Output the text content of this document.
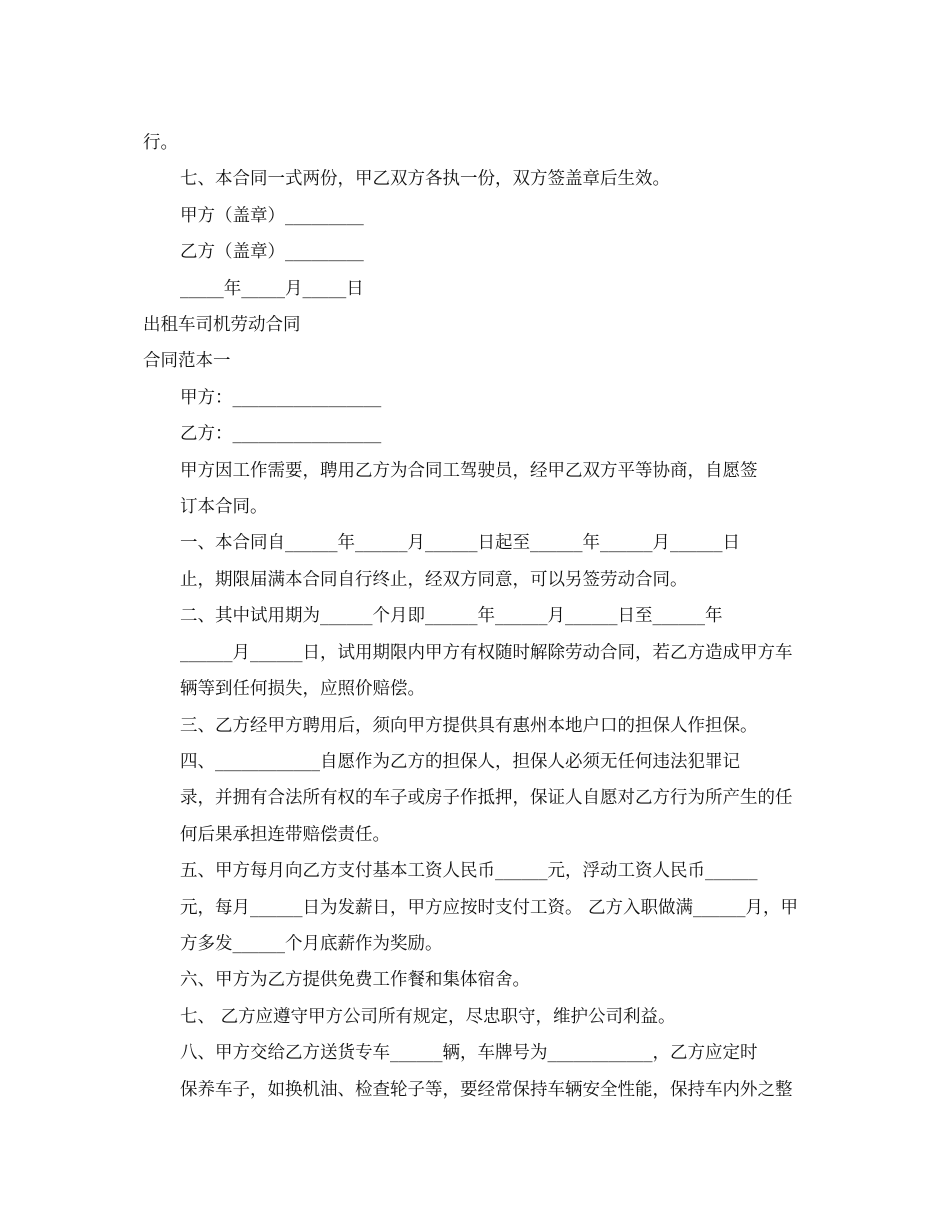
行。
七、本合同一式两份，甲乙双方各执一份，双方签盖章后生效。
甲方（盖章）_________
乙方（盖章）_________
_____年_____月_____日
出租车司机劳动合同
合同范本一
甲方：_________________
乙方：_________________
甲方因工作需要，聘用乙方为合同工驾驶员，经甲乙双方平等协商，自愿签
订本合同。
一、本合同自______年______月______日起至______年______月______日
止，期限届满本合同自行终止，经双方同意，可以另签劳动合同。
二、其中试用期为______个月即______年______月______日至______年
______月______日，试用期限内甲方有权随时解除劳动合同，若乙方造成甲方车
辆等到任何损失，应照价赔偿。
三、乙方经甲方聘用后，须向甲方提供具有惠州本地户口的担保人作担保。
四、____________自愿作为乙方的担保人，担保人必须无任何违法犯罪记
录，并拥有合法所有权的车子或房子作抵押，保证人自愿对乙方行为所产生的任
何后果承担连带赔偿责任。
五、甲方每月向乙方支付基本工资人民币______元，浮动工资人民币______
元，每月______日为发薪日，甲方应按时支付工资。 乙方入职做满______月，甲
方多发______个月底薪作为奖励。
六、甲方为乙方提供免费工作餐和集体宿舍。
七、 乙方应遵守甲方公司所有规定，尽忠职守，维护公司利益。
八、甲方交给乙方送货专车______辆，车牌号为____________，乙方应定时
保养车子，如换机油、检查轮子等，要经常保持车辆安全性能，保持车内外之整
